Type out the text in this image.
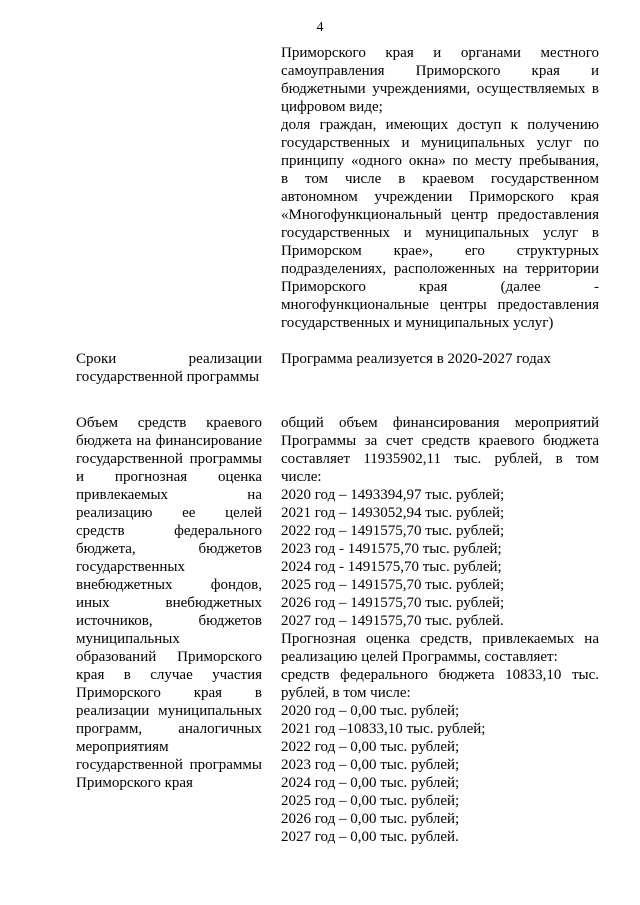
4

Приморского края и органами местного

самоуправления Приморского края и

бюджетными учреждениями, осуществляемых в

цифровом виде;

доля граждан, имеющих доступ к получению

государственных и муниципальных услуг по

принципу «одного окна» по месту пребывания,

в том числе в краевом государственном

автономном учреждении Приморского края

«Многофункциональный центр предоставления

государственных и муниципальных услуг в

Приморском крае», его структурных

подразделениях, расположенных на территории

Приморского края (далее -

многофункциональные центры предоставления

государственных и муниципальных услуг)

Сроки реализации

государственной программы

Программа реализуется в 2020-2027 годах

Объем средств краевого

бюджета на финансирование

государственной программы

и прогнозная оценка

привлекаемых на

реализацию ее целей

средств федерального

бюджета, бюджетов

государственных

внебюджетных фондов,

иных внебюджетных

источников, бюджетов

муниципальных

образований Приморского

края в случае участия

Приморского края в

реализации муниципальных

программ, аналогичных

мероприятиям

государственной программы

Приморского края

общий объем финансирования мероприятий

Программы за счет средств краевого бюджета

составляет 11935902,11 тыс. рублей, в том

числе:

2020 год – 1493394,97 тыс. рублей;

2021 год – 1493052,94 тыс. рублей;

2022 год – 1491575,70 тыс. рублей;

2023 год - 1491575,70 тыс. рублей;

2024 год - 1491575,70 тыс. рублей;

2025 год – 1491575,70 тыс. рублей;

2026 год – 1491575,70 тыс. рублей;

2027 год – 1491575,70 тыс. рублей.

Прогнозная оценка средств, привлекаемых на

реализацию целей Программы, составляет:

средств федерального бюджета 10833,10 тыс.

рублей, в том числе:

2020 год – 0,00 тыс. рублей;

2021 год –10833,10 тыс. рублей;

2022 год – 0,00 тыс. рублей;

2023 год – 0,00 тыс. рублей;

2024 год – 0,00 тыс. рублей;

2025 год – 0,00 тыс. рублей;

2026 год – 0,00 тыс. рублей;

2027 год – 0,00 тыс. рублей.
